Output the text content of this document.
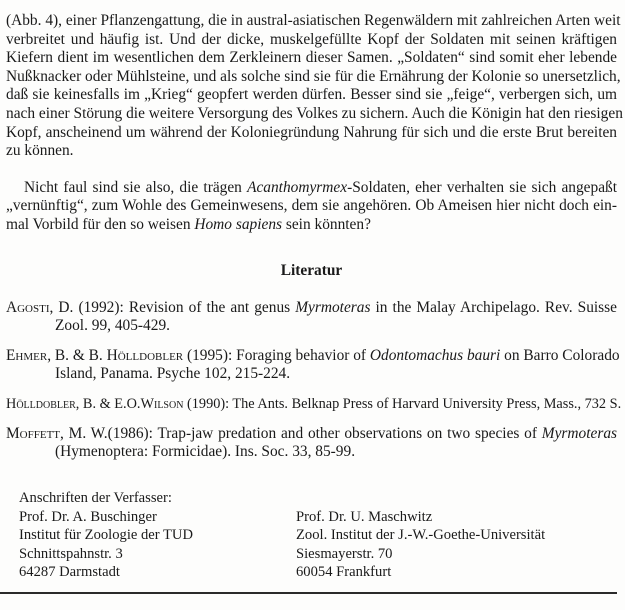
(Abb. 4), einer Pflanzengattung, die in austral-asiatischen Regenwäldern mit zahlreichen Arten weit
verbreitet und häufig ist. Und der dicke, muskelgefüllte Kopf der Soldaten mit seinen kräftigen
Kiefern dient im wesentlichen dem Zerkleinern dieser Samen. „Soldaten“ sind somit eher lebende
Nußknacker oder Mühlsteine, und als solche sind sie für die Ernährung der Kolonie so unersetzlich,
daß sie keinesfalls im „Krieg“ geopfert werden dürfen. Besser sind sie „feige“, verbergen sich, um
nach einer Störung die weitere Versorgung des Volkes zu sichern. Auch die Königin hat den riesigen
Kopf, anscheinend um während der Koloniegründung Nahrung für sich und die erste Brut bereiten
zu können.

Nicht faul sind sie also, die trägen Acanthomyrmex-Soldaten, eher verhalten sie sich angepaßt
„vernünftig“, zum Wohle des Gemeinwesens, dem sie angehören. Ob Ameisen hier nicht doch ein-
mal Vorbild für den so weisen Homo sapiens sein könnten?

Literatur
Agosti, D. (1992): Revision of the ant genus Myrmoteras in the Malay Archipelago. Rev. Suisse
Zool. 99, 405-429.
Ehmer, B. & B. Hölldobler (1995): Foraging behavior of Odontomachus bauri on Barro Colorado
Island, Panama. Psyche 102, 215-224.
Hölldobler, B. & E.O.Wilson (1990): The Ants. Belknap Press of Harvard University Press, Mass., 732 S.
Moffett, M. W.(1986): Trap-jaw predation and other observations on two species of Myrmoteras
(Hymenoptera: Formicidae). Ins. Soc. 33, 85-99.
Anschriften der Verfasser:
Prof. Dr. A. Buschinger
Institut für Zoologie der TUD
Schnittspahnstr. 3
64287 Darmstadt
Prof. Dr. U. Maschwitz
Zool. Institut der J.-W.-Goethe-Universität
Siesmayerstr. 70
60054 Frankfurt
